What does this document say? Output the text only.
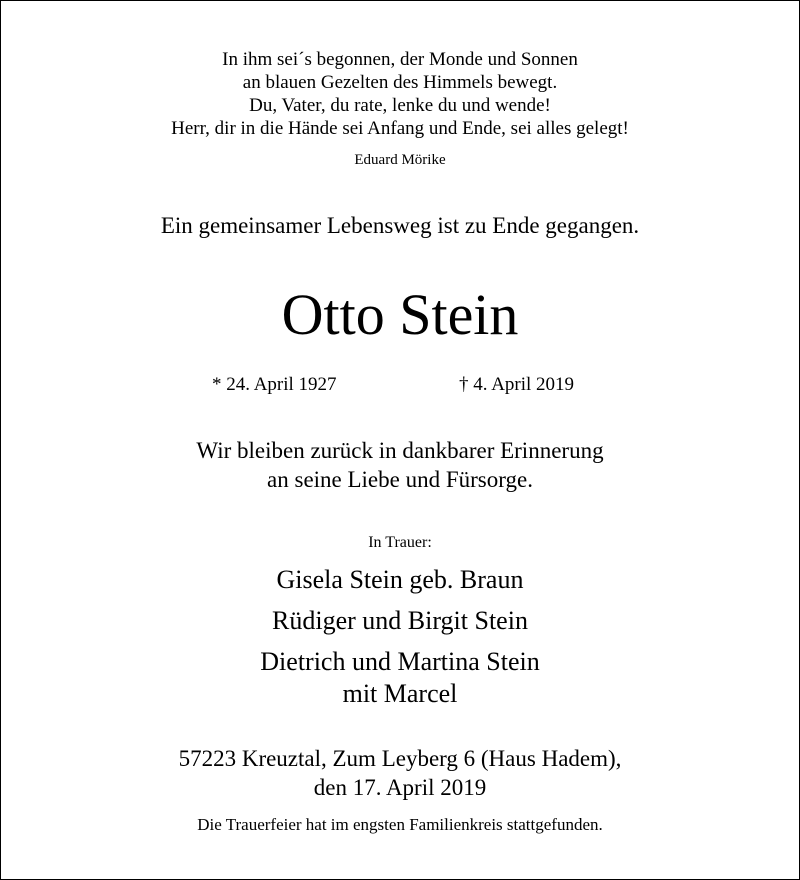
In ihm sei´s begonnen, der Monde und Sonnen

an blauen Gezelten des Himmels bewegt.

Du, Vater, du rate, lenke du und wende!

Herr, dir in die Hände sei Anfang und Ende, sei alles gelegt!

Eduard Mörike

Ein gemeinsamer Lebensweg ist zu Ende gegangen.

Otto Stein

* 24. April 1927	† 4. April 2019

Wir bleiben zurück in dankbarer Erinnerung

an seine Liebe und Fürsorge.

In Trauer:

Gisela Stein geb. Braun

Rüdiger und Birgit Stein

Dietrich und Martina Stein

mit Marcel

57223 Kreuztal, Zum Leyberg 6 (Haus Hadem),

den 17. April 2019

Die Trauerfeier hat im engsten Familienkreis stattgefunden.
